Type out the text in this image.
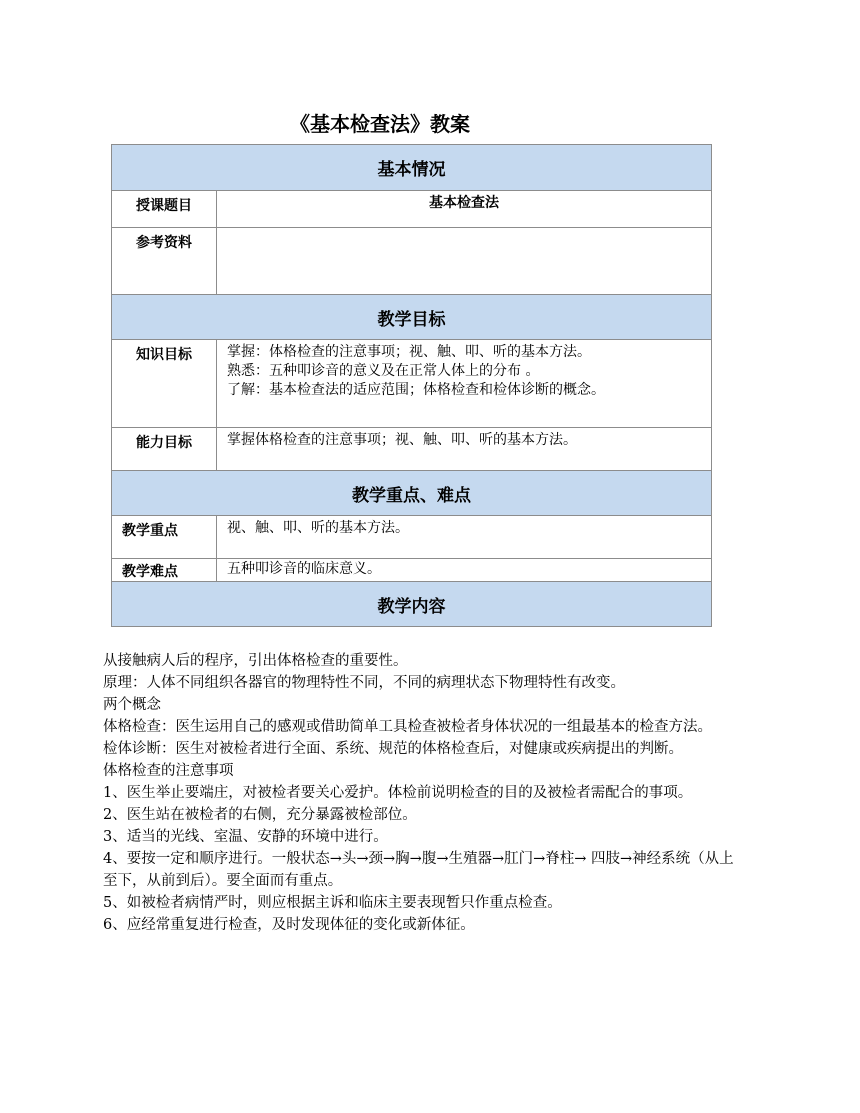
《基本检查法》教案
基本情况	
授课题目	基本检查法
参考资料	
教学目标	
知识目标	掌握：体格检查的注意事项；视、触、叩、听的基本方法。
熟悉：五种叩诊音的意义及在正常人体上的分布 。
了解：基本检查法的适应范围；体格检查和检体诊断的概念。

能力目标	掌握体格检查的注意事项；视、触、叩、听的基本方法。
教学重点、难点	
教学重点	视、触、叩、听的基本方法。
教学难点	五种叩诊音的临床意义。
教学内容	

从接触病人后的程序，引出体格检查的重要性。

原理：人体不同组织各器官的物理特性不同，不同的病理状态下物理特性有改变。

两个概念

体格检查：医生运用自己的感观或借助简单工具检查被检者身体状况的一组最基本的检查方法。

检体诊断：医生对被检者进行全面、系统、规范的体格检查后，对健康或疾病提出的判断。

体格检查的注意事项

1、医生举止要端庄，对被检者要关心爱护。体检前说明检查的目的及被检者需配合的事项。

2、医生站在被检者的右侧，充分暴露被检部位。

3、适当的光线、室温、安静的环境中进行。

4、要按一定和顺序进行。一般状态→头→颈→胸→腹→生殖器→肛门→脊柱→ 四肢→神经系统（从上至下，从前到后）。要全面而有重点。

5、如被检者病情严时，则应根据主诉和临床主要表现暂只作重点检查。

6、应经常重复进行检查，及时发现体征的变化或新体征。
